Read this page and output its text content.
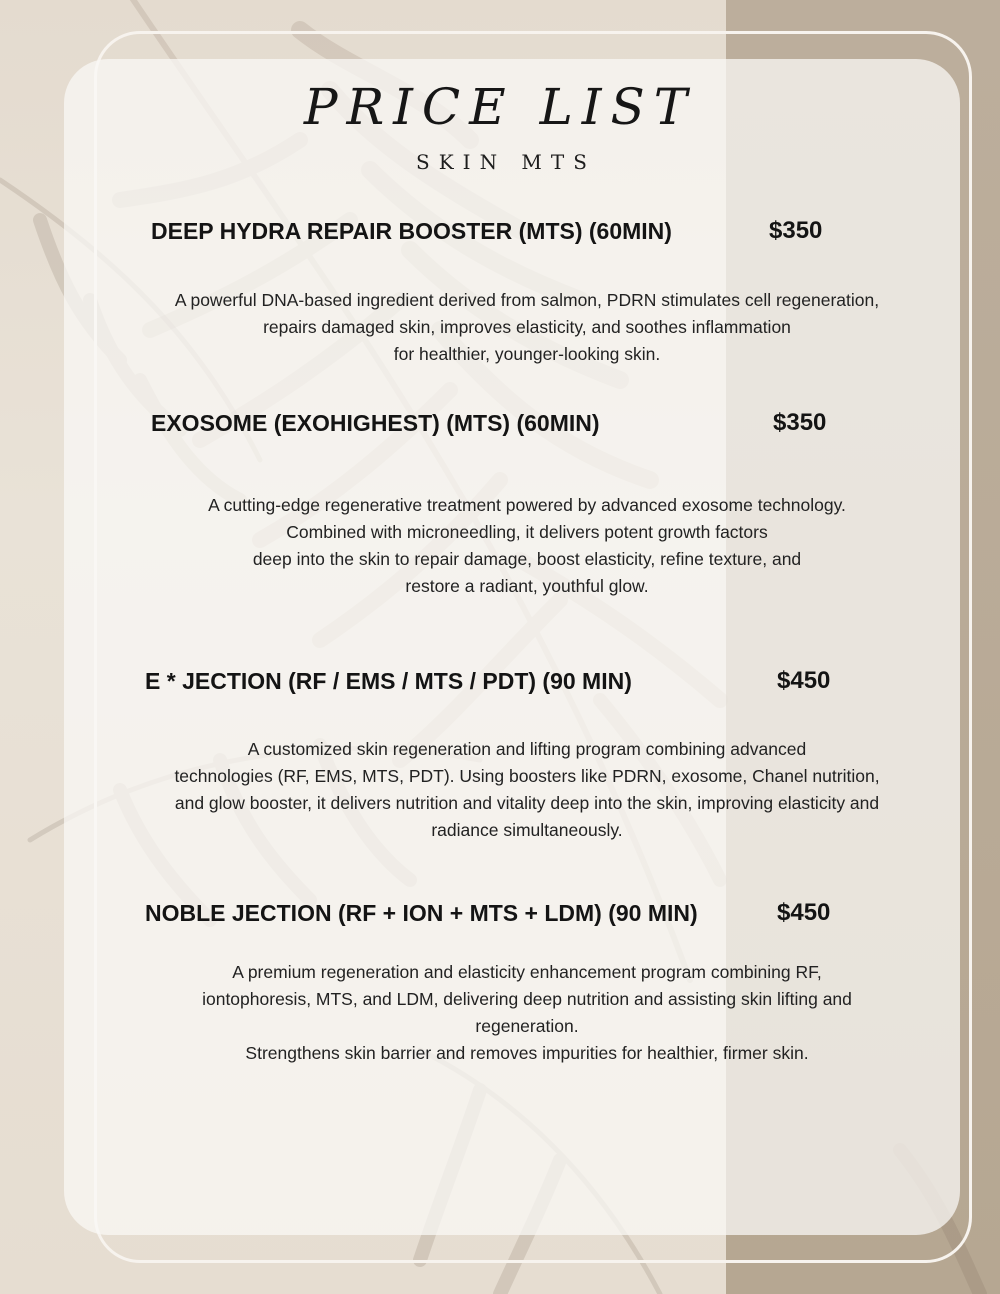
PRICE LIST
SKIN MTS
DEEP HYDRA REPAIR BOOSTER (MTS) (60MIN)	$350
A powerful DNA-based ingredient derived from salmon, PDRN stimulates cell regeneration,
repairs damaged skin, improves elasticity, and soothes inflammation
for healthier, younger-looking skin.
EXOSOME (EXOHIGHEST) (MTS) (60MIN)	$350
A cutting-edge regenerative treatment powered by advanced exosome technology.
Combined with microneedling, it delivers potent growth factors
deep into the skin to repair damage, boost elasticity, refine texture, and
restore a radiant, youthful glow.
E * JECTION (RF / EMS / MTS / PDT) (90 MIN)	$450
A customized skin regeneration and lifting program combining advanced
technologies (RF, EMS, MTS, PDT). Using boosters like PDRN, exosome, Chanel nutrition,
and glow booster, it delivers nutrition and vitality deep into the skin, improving elasticity and
radiance simultaneously.
NOBLE JECTION (RF + ION + MTS + LDM) (90 MIN)	$450
A premium regeneration and elasticity enhancement program combining RF,
iontophoresis, MTS, and LDM, delivering deep nutrition and assisting skin lifting and
regeneration.
Strengthens skin barrier and removes impurities for healthier, firmer skin.
